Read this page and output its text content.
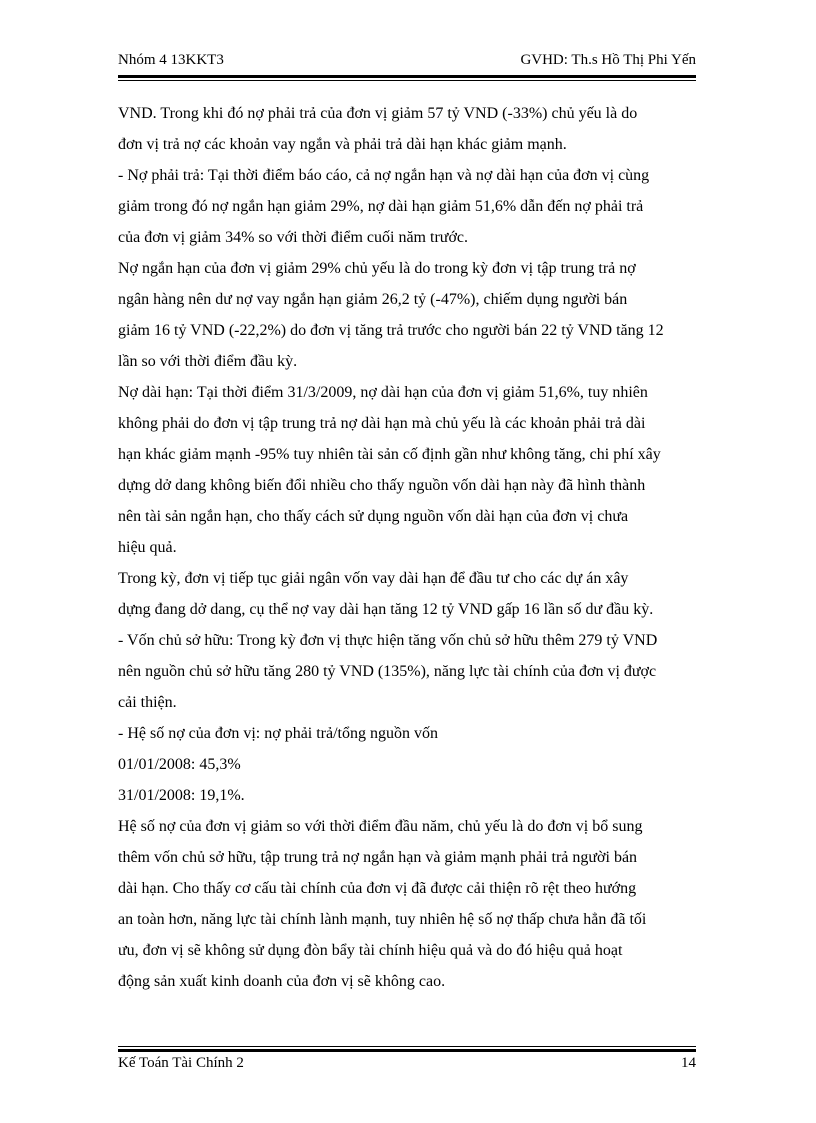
Nhóm 4 13KKT3	GVHD: Th.s Hồ Thị Phi Yến
VND. Trong khi đó nợ phải trả của đơn vị giảm 57 tỷ VND (-33%) chủ yếu là do
đơn vị trả nợ các khoản vay ngắn và phải trả dài hạn khác giảm mạnh.
- Nợ phải trả: Tại thời điểm báo cáo, cả nợ ngắn hạn và nợ dài hạn của đơn vị cùng
giảm trong đó nợ ngắn hạn giảm 29%, nợ dài hạn giảm 51,6% dẫn đến nợ phải trả
của đơn vị giảm 34% so với thời điểm cuối năm trước.
Nợ ngắn hạn của đơn vị giảm 29% chủ yếu là do trong kỳ đơn vị tập trung trả nợ
ngân hàng nên dư nợ vay ngắn hạn giảm 26,2 tỷ (-47%), chiếm dụng người bán
giảm 16 tỷ VND (-22,2%) do đơn vị tăng trả trước cho người bán 22 tỷ VND tăng 12
lần so với thời điểm đầu kỳ.
Nợ dài hạn: Tại thời điểm 31/3/2009, nợ dài hạn của đơn vị giảm 51,6%, tuy nhiên
không phải do đơn vị tập trung trả nợ dài hạn mà chủ yếu là các khoản phải trả dài
hạn khác giảm mạnh -95% tuy nhiên tài sản cố định gần như không tăng, chi phí xây
dựng dở dang không biến đổi nhiều cho thấy nguồn vốn dài hạn này đã hình thành
nên tài sản ngắn hạn, cho thấy cách sử dụng nguồn vốn dài hạn của đơn vị chưa
hiệu quả.
Trong kỳ, đơn vị tiếp tục giải ngân vốn vay dài hạn để đầu tư cho các dự án xây
dựng đang dở dang, cụ thể nợ vay dài hạn tăng 12 tỷ VND gấp 16 lần số dư đầu kỳ.
- Vốn chủ sở hữu: Trong kỳ đơn vị thực hiện tăng vốn chủ sở hữu thêm 279 tỷ VND
nên nguồn chủ sở hữu tăng 280 tỷ VND (135%), năng lực tài chính của đơn vị được
cải thiện.
- Hệ số nợ của đơn vị: nợ phải trả/tổng nguồn vốn
01/01/2008: 45,3%
31/01/2008: 19,1%.
Hệ số nợ của đơn vị giảm so với thời điểm đầu năm, chủ yếu là do đơn vị bổ sung
thêm vốn chủ sở hữu, tập trung trả nợ ngắn hạn và giảm mạnh phải trả người bán
dài hạn. Cho thấy cơ cấu tài chính của đơn vị đã được cải thiện rõ rệt theo hướng
an toàn hơn, năng lực tài chính lành mạnh, tuy nhiên hệ số nợ thấp chưa hẳn đã tối
ưu, đơn vị sẽ không sử dụng đòn bẩy tài chính hiệu quả và do đó hiệu quả hoạt
động sản xuất kinh doanh của đơn vị sẽ không cao.
Kế Toán Tài Chính 2	14
